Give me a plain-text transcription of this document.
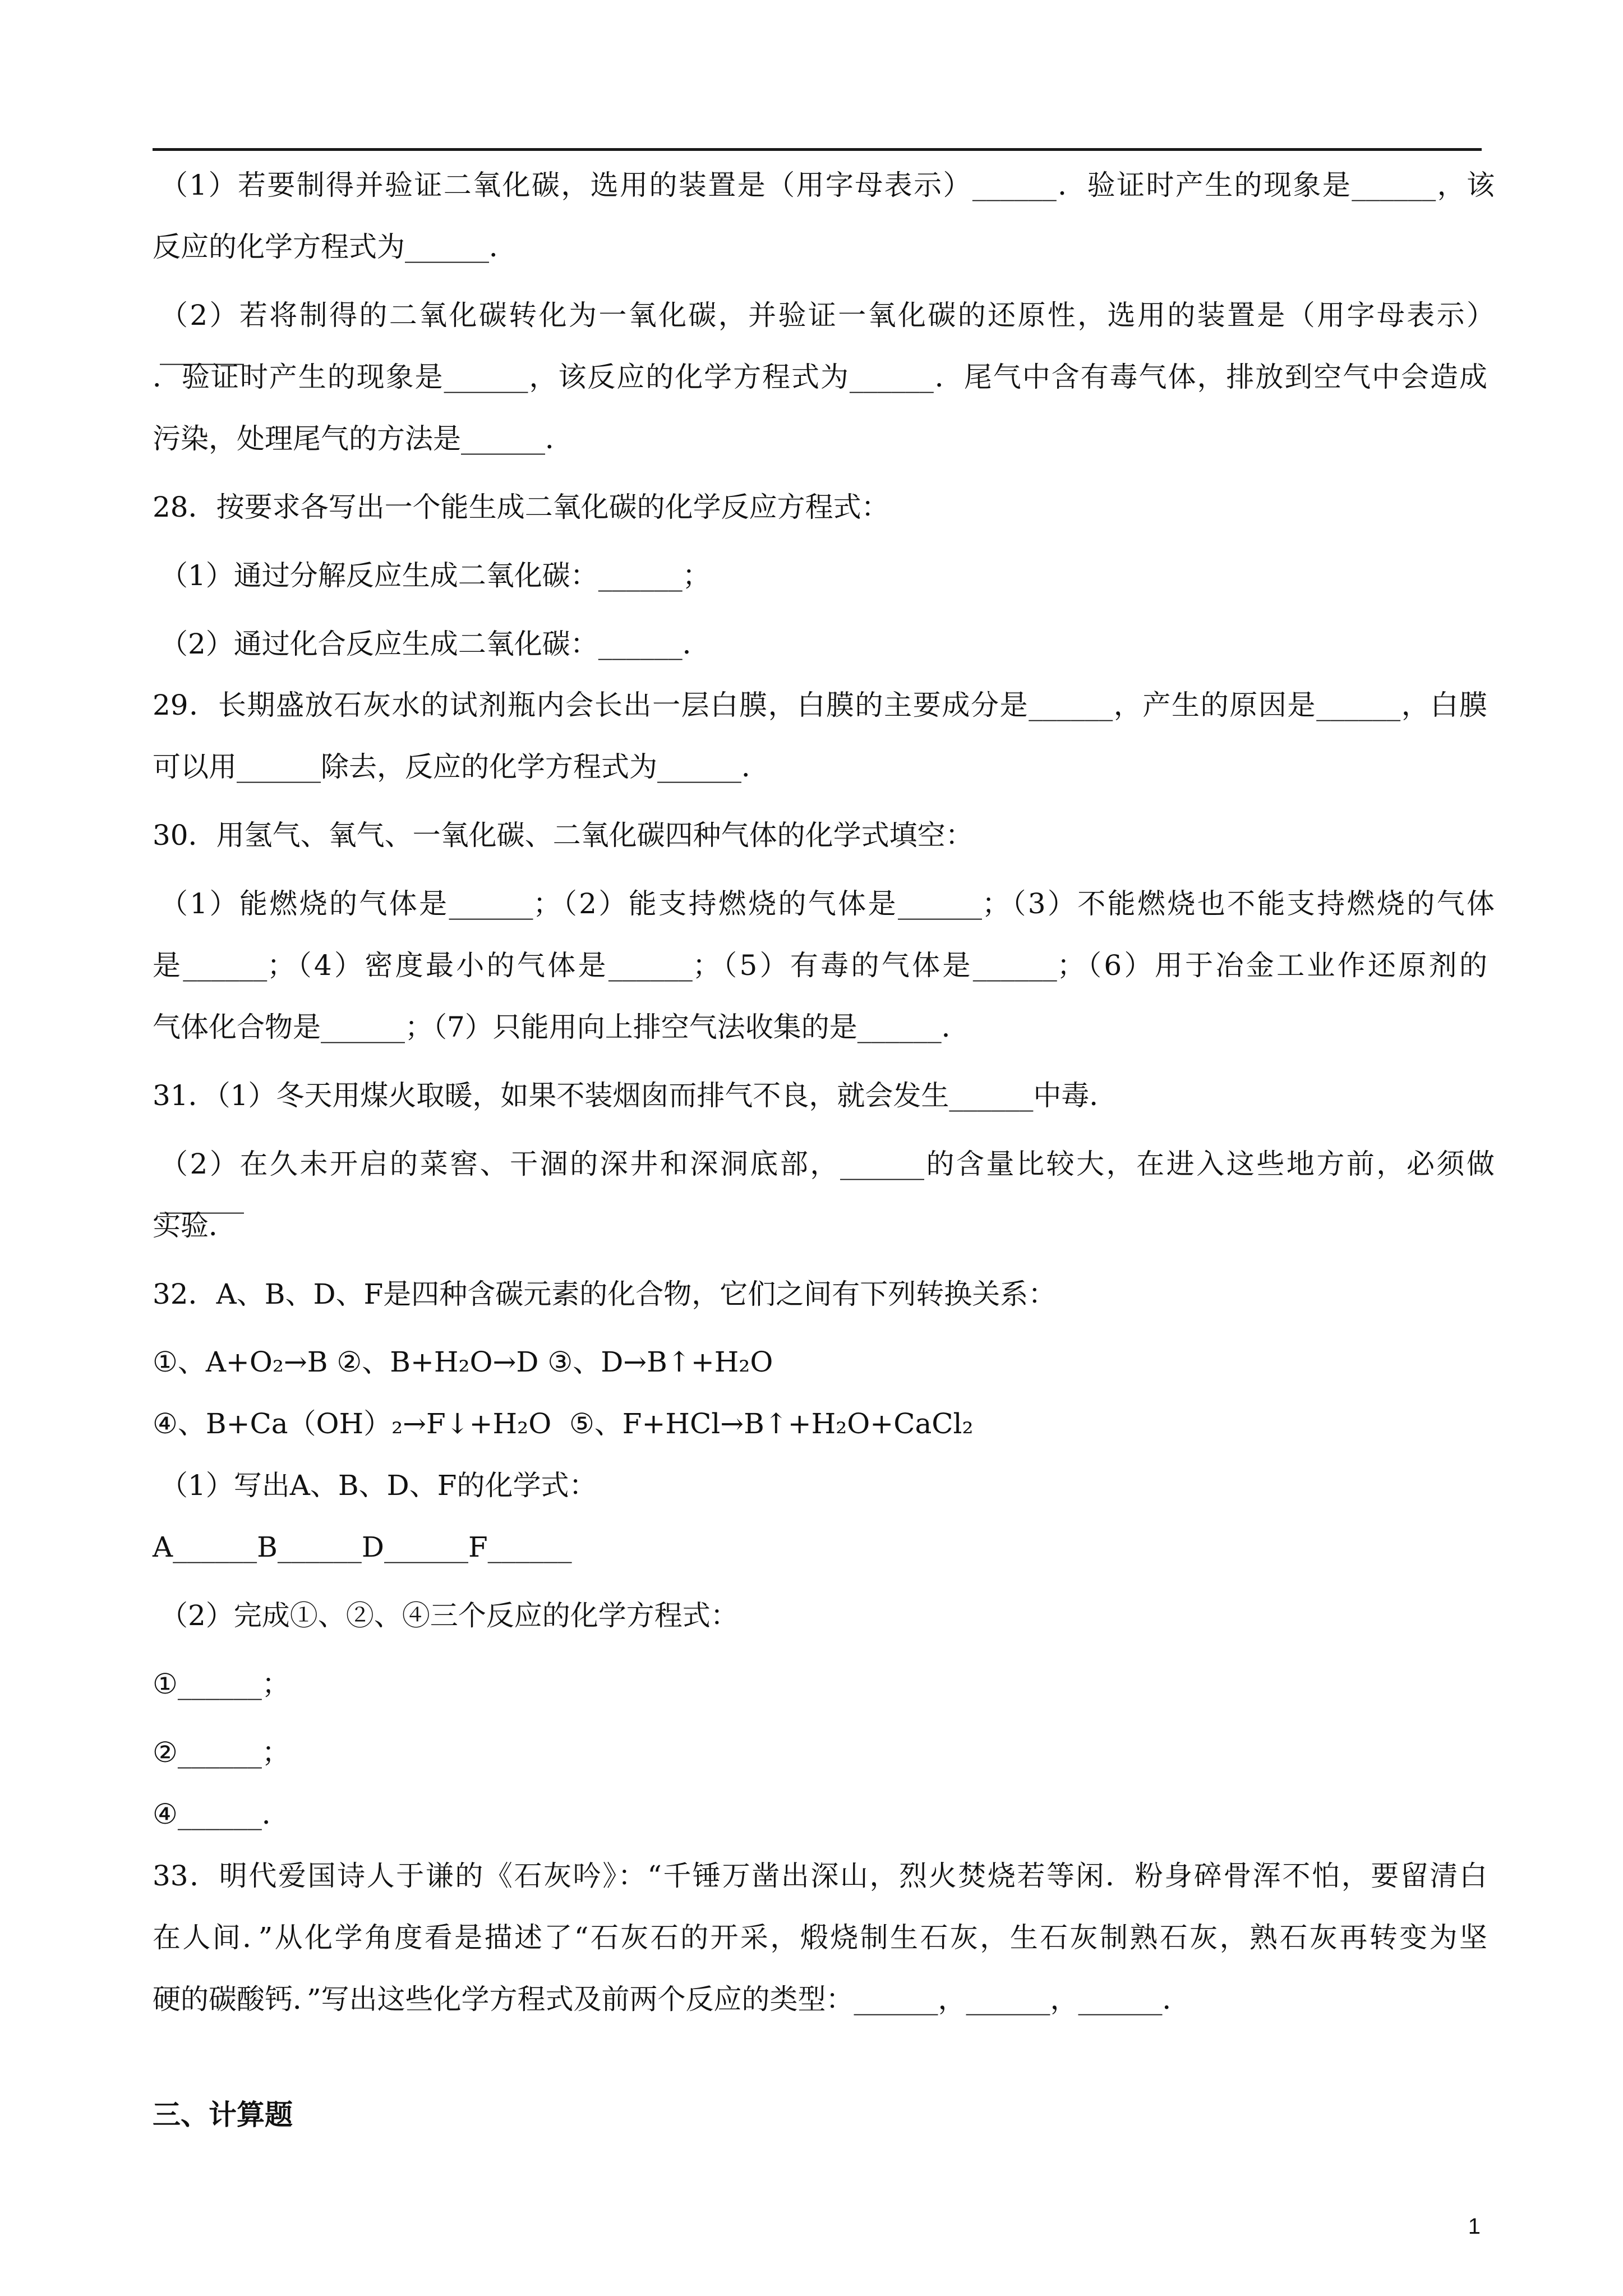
（1）若要制得并验证二氧化碳，选用的装置是（用字母表示）______．验证时产生的现象是______，该
反应的化学方程式为______．
（2）若将制得的二氧化碳转化为一氧化碳，并验证一氧化碳的还原性，选用的装置是（用字母表示）______
．验证时产生的现象是______，该反应的化学方程式为______．尾气中含有毒气体，排放到空气中会造成
污染，处理尾气的方法是______．
28．按要求各写出一个能生成二氧化碳的化学反应方程式：
（1）通过分解反应生成二氧化碳：______；
（2）通过化合反应生成二氧化碳：______．
29．长期盛放石灰水的试剂瓶内会长出一层白膜，白膜的主要成分是______，产生的原因是______，白膜
可以用______除去，反应的化学方程式为______．
30．用氢气、氧气、一氧化碳、二氧化碳四种气体的化学式填空：
（1）能燃烧的气体是______；（2）能支持燃烧的气体是______；（3）不能燃烧也不能支持燃烧的气体
是______；（4）密度最小的气体是______；（5）有毒的气体是______；（6）用于冶金工业作还原剂的
气体化合物是______；（7）只能用向上排空气法收集的是______．
31．（1）冬天用煤火取暖，如果不装烟囱而排气不良，就会发生______中毒．
（2）在久未开启的菜窖、干涸的深井和深洞底部，______的含量比较大，在进入这些地方前，必须做______
实验．
32．A、B、D、F是四种含碳元素的化合物，它们之间有下列转换关系：
①、A+O₂→B ②、B+H₂O→D ③、D→B↑+H₂O
④、B+Ca（OH）₂→F↓+H₂O  ⑤、F+HCl→B↑+H₂O+CaCl₂
（1）写出A、B、D、F的化学式：
A______B______D______F______
（2）完成①、②、④三个反应的化学方程式：
①______；
②______；
④______．
33．明代爱国诗人于谦的《石灰吟》：“千锤万凿出深山，烈火焚烧若等闲．粉身碎骨浑不怕，要留清白
在人间．”从化学角度看是描述了“石灰石的开采，煅烧制生石灰，生石灰制熟石灰，熟石灰再转变为坚
硬的碳酸钙．”写出这些化学方程式及前两个反应的类型：______，______，______．
三、计算题
1
